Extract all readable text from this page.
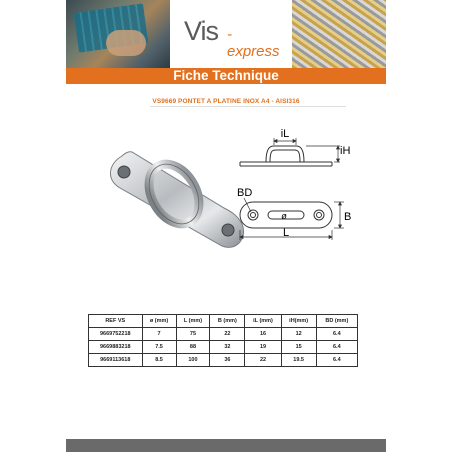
Vis -express
Fiche Technique
VS9669 PONTET A PLATINE INOX A4 - AISI316
iL
iH
ø
BD
B
L
REF VS	ø (mm)	L (mm)	B (mm)	iL (mm)	iH(mm)	BD (mm)
9669752218	7	75	22	16	12	6.4
9669883218	7.5	88	32	19	15	6.4
9669113618	8.5	100	36	22	19.5	6.4
